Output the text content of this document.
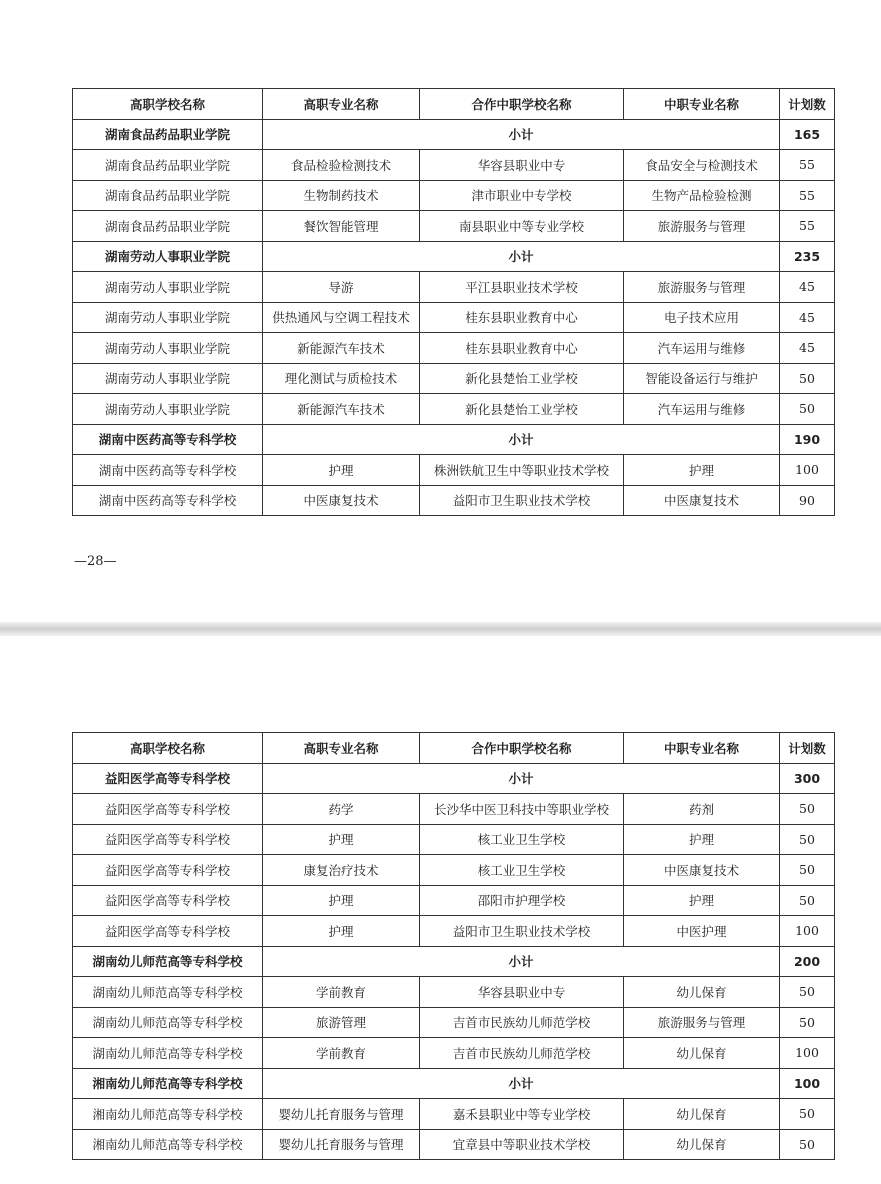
高职学校名称	高职专业名称	合作中职学校名称	中职专业名称	计划数
湖南食品药品职业学院	小计			165
湖南食品药品职业学院	食品检验检测技术	华容县职业中专	食品安全与检测技术	55
湖南食品药品职业学院	生物制药技术	津市职业中专学校	生物产品检验检测	55
湖南食品药品职业学院	餐饮智能管理	南县职业中等专业学校	旅游服务与管理	55
湖南劳动人事职业学院	小计			235
湖南劳动人事职业学院	导游	平江县职业技术学校	旅游服务与管理	45
湖南劳动人事职业学院	供热通风与空调工程技术	桂东县职业教育中心	电子技术应用	45
湖南劳动人事职业学院	新能源汽车技术	桂东县职业教育中心	汽车运用与维修	45
湖南劳动人事职业学院	理化测试与质检技术	新化县楚怡工业学校	智能设备运行与维护	50
湖南劳动人事职业学院	新能源汽车技术	新化县楚怡工业学校	汽车运用与维修	50
湖南中医药高等专科学校	小计			190
湖南中医药高等专科学校	护理	株洲铁航卫生中等职业技术学校	护理	100
湖南中医药高等专科学校	中医康复技术	益阳市卫生职业技术学校	中医康复技术	90
—28—
高职学校名称	高职专业名称	合作中职学校名称	中职专业名称	计划数
益阳医学高等专科学校	小计			300
益阳医学高等专科学校	药学	长沙华中医卫科技中等职业学校	药剂	50
益阳医学高等专科学校	护理	核工业卫生学校	护理	50
益阳医学高等专科学校	康复治疗技术	核工业卫生学校	中医康复技术	50
益阳医学高等专科学校	护理	邵阳市护理学校	护理	50
益阳医学高等专科学校	护理	益阳市卫生职业技术学校	中医护理	100
湖南幼儿师范高等专科学校	小计			200
湖南幼儿师范高等专科学校	学前教育	华容县职业中专	幼儿保育	50
湖南幼儿师范高等专科学校	旅游管理	吉首市民族幼儿师范学校	旅游服务与管理	50
湖南幼儿师范高等专科学校	学前教育	吉首市民族幼儿师范学校	幼儿保育	100
湘南幼儿师范高等专科学校	小计			100
湘南幼儿师范高等专科学校	婴幼儿托育服务与管理	嘉禾县职业中等专业学校	幼儿保育	50
湘南幼儿师范高等专科学校	婴幼儿托育服务与管理	宜章县中等职业技术学校	幼儿保育	50
